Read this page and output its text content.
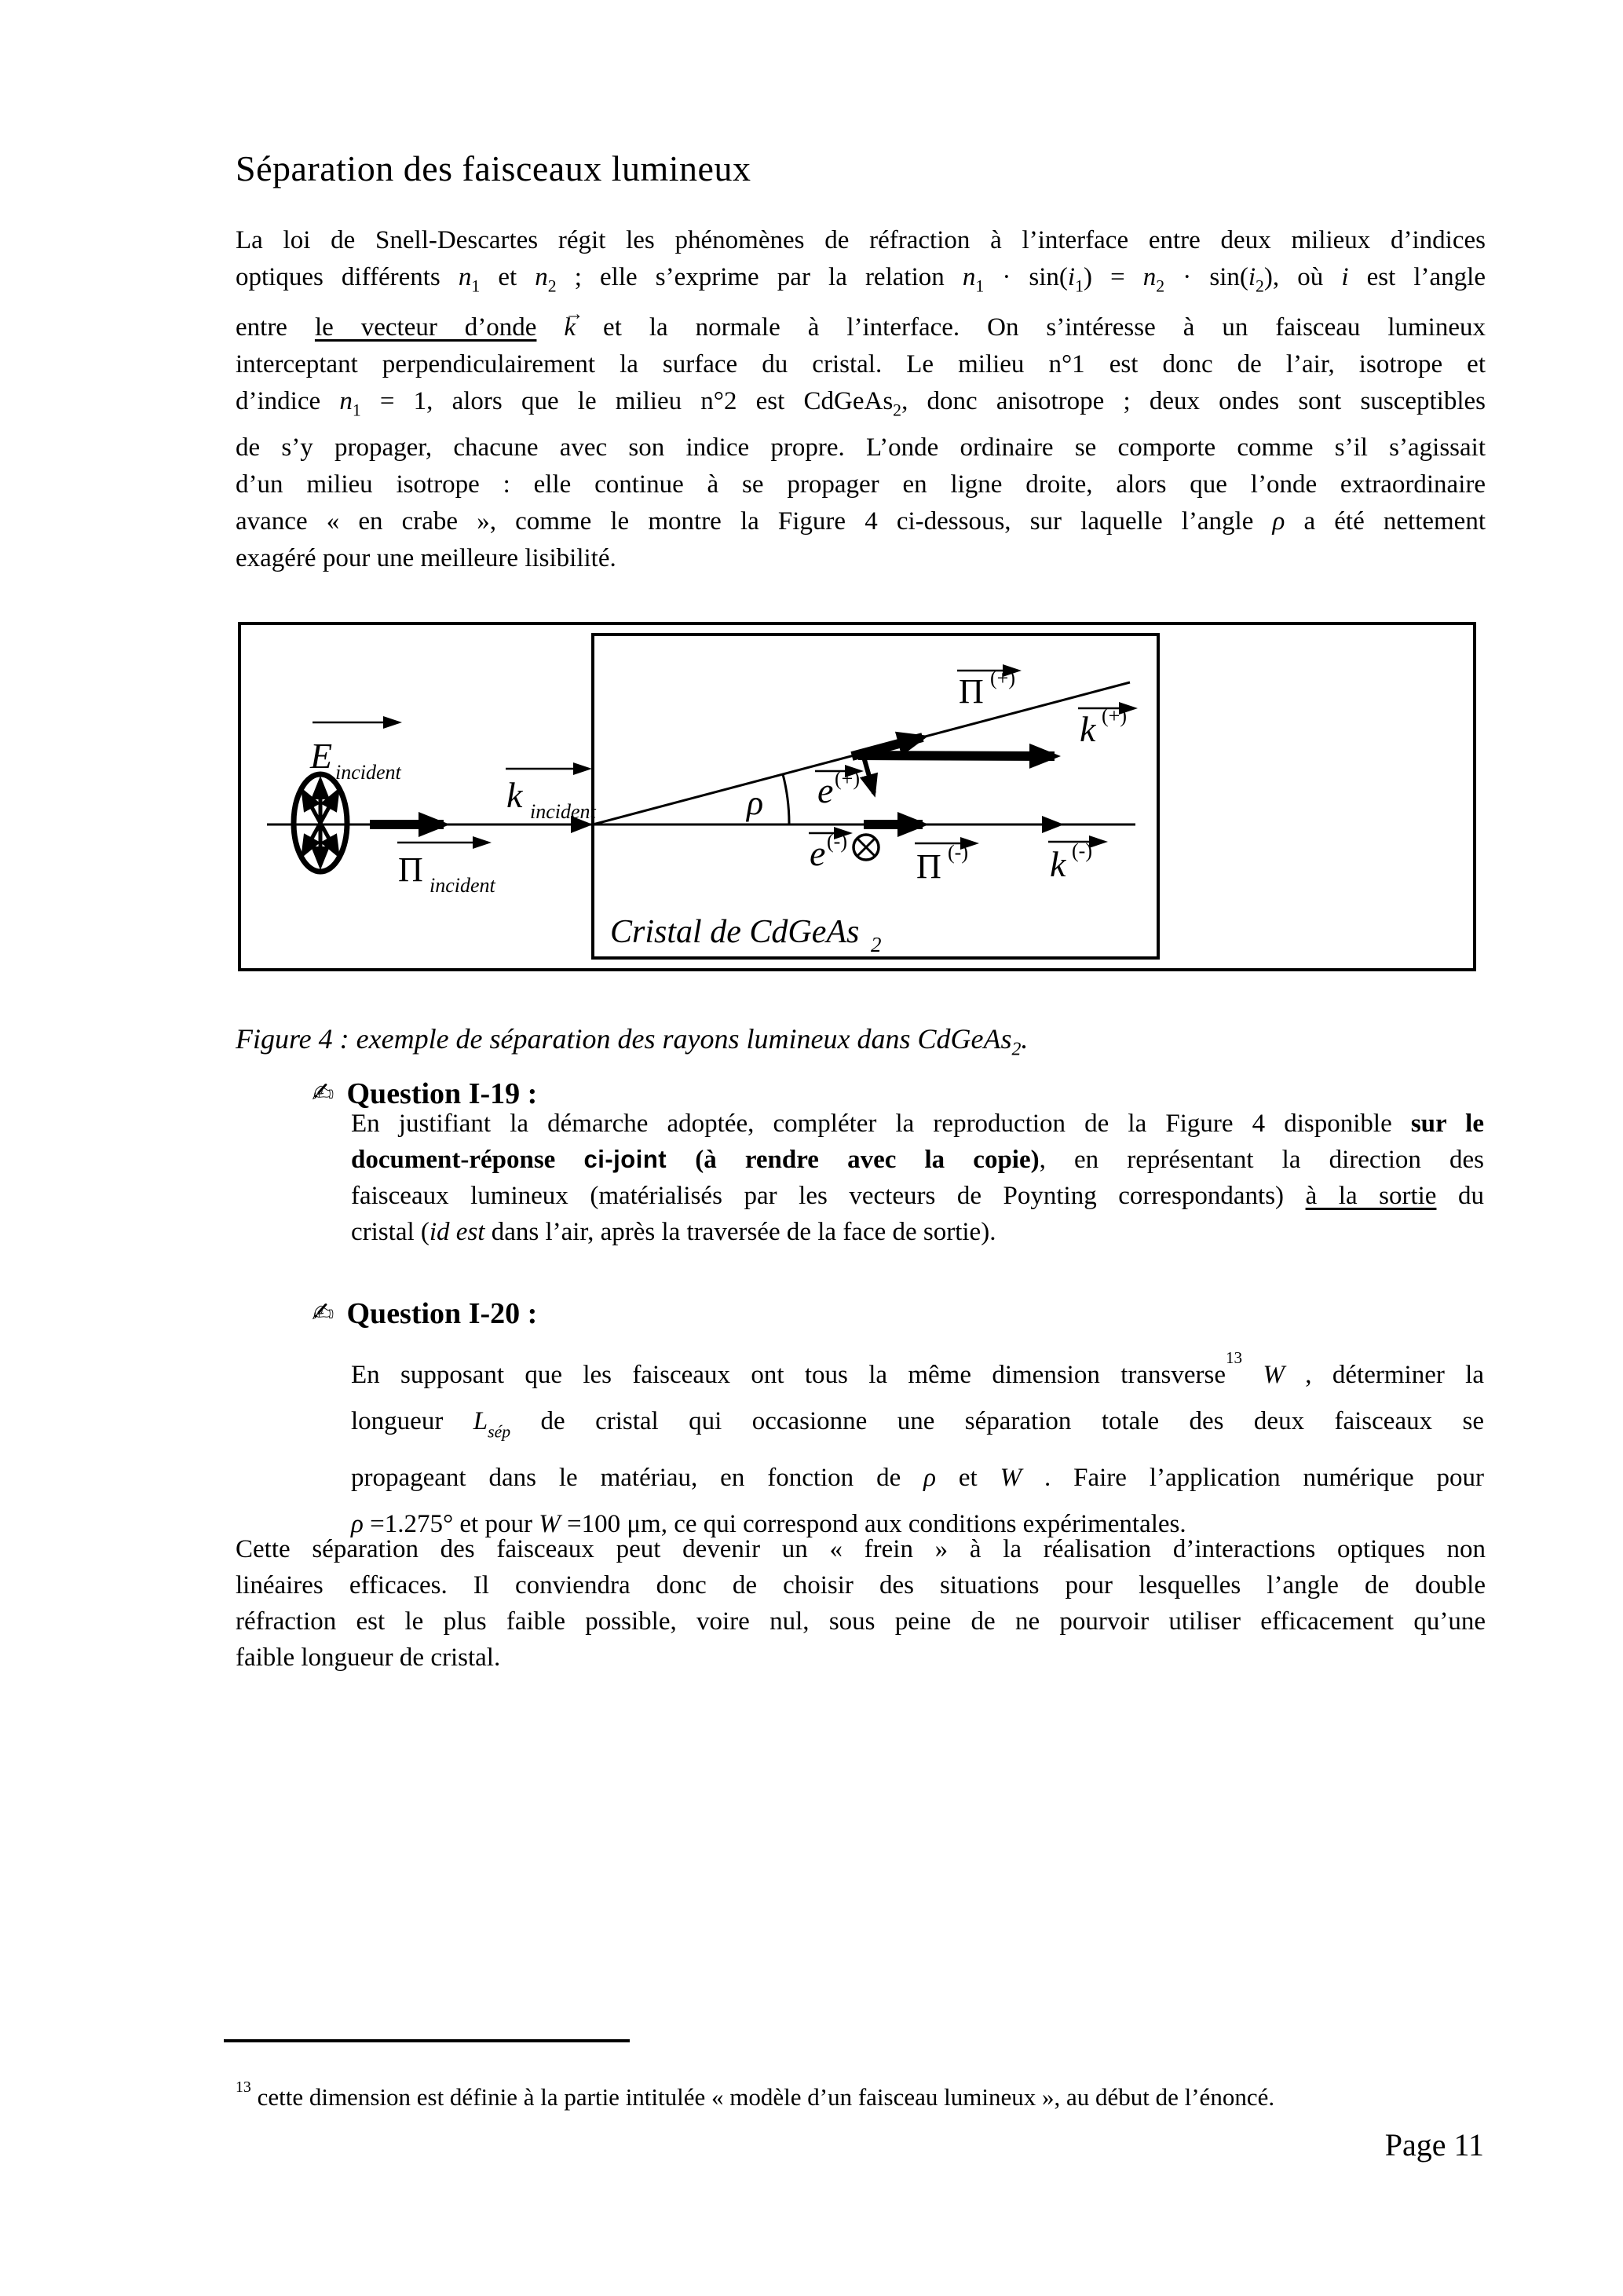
Séparation des faisceaux lumineux
La loi de Snell-Descartes régit les phénomènes de réfraction à l’interface entre deux milieux d’indices
optiques différents $n_1$ et $n_2$ ; elle s’exprime par la relation $n_1 \cdot \sin(i_1) = n_2 \cdot \sin(i_2)$, où i est l’angle
entre le vecteur d’onde k → et la normale à l’interface. On s’intéresse à un faisceau lumineux
interceptant perpendiculairement la surface du cristal. Le milieu n°1 est donc de l’air, isotrope et
d’indice $n_1 = 1$, alors que le milieu n°2 est CdGeAs$_2$, donc anisotrope ; deux ondes sont susceptibles
de s’y propager, chacune avec son indice propre. L’onde ordinaire se comporte comme s’il s’agissait
d’un milieu isotrope : elle continue à se propager en ligne droite, alors que l’onde extraordinaire
avance « en crabe », comme le montre la Figure 4 ci-dessous, sur laquelle l’angle ρ a été nettement
exagéré pour une meilleure lisibilité.
E incident
k incident
Π incident
Π (+)
k (+)
e (+)
ρ
e (-)
Π (-) k (-)
Cristal de CdGeAs 2
Figure 4 : exemple de séparation des rayons lumineux dans CdGeAs$_2$.
✍ Question I-19 :
En justifiant la démarche adoptée, compléter la reproduction de la Figure 4 disponible sur le
document-réponse ci-joint (à rendre avec la copie), en représentant la direction des
faisceaux lumineux (matérialisés par les vecteurs de Poynting correspondants) à la sortie du
cristal (id est dans l’air, après la traversée de la face de sortie).
✍ Question I-20 :
En supposant que les faisceaux ont tous la même dimension transverse$^{13}$ W , déterminer la
longueur $L_{sép}$ de cristal qui occasionne une séparation totale des deux faisceaux se
propageant dans le matériau, en fonction de ρ et W . Faire l’application numérique pour
ρ =1.275° et pour W =100 μm, ce qui correspond aux conditions expérimentales.
Cette séparation des faisceaux peut devenir un « frein » à la réalisation d’interactions optiques non
linéaires efficaces. Il conviendra donc de choisir des situations pour lesquelles l’angle de double
réfraction est le plus faible possible, voire nul, sous peine de ne pourvoir utiliser efficacement qu’une
faible longueur de cristal.
$^{13}$ cette dimension est définie à la partie intitulée « modèle d’un faisceau lumineux », au début de l’énoncé.
Page 11
